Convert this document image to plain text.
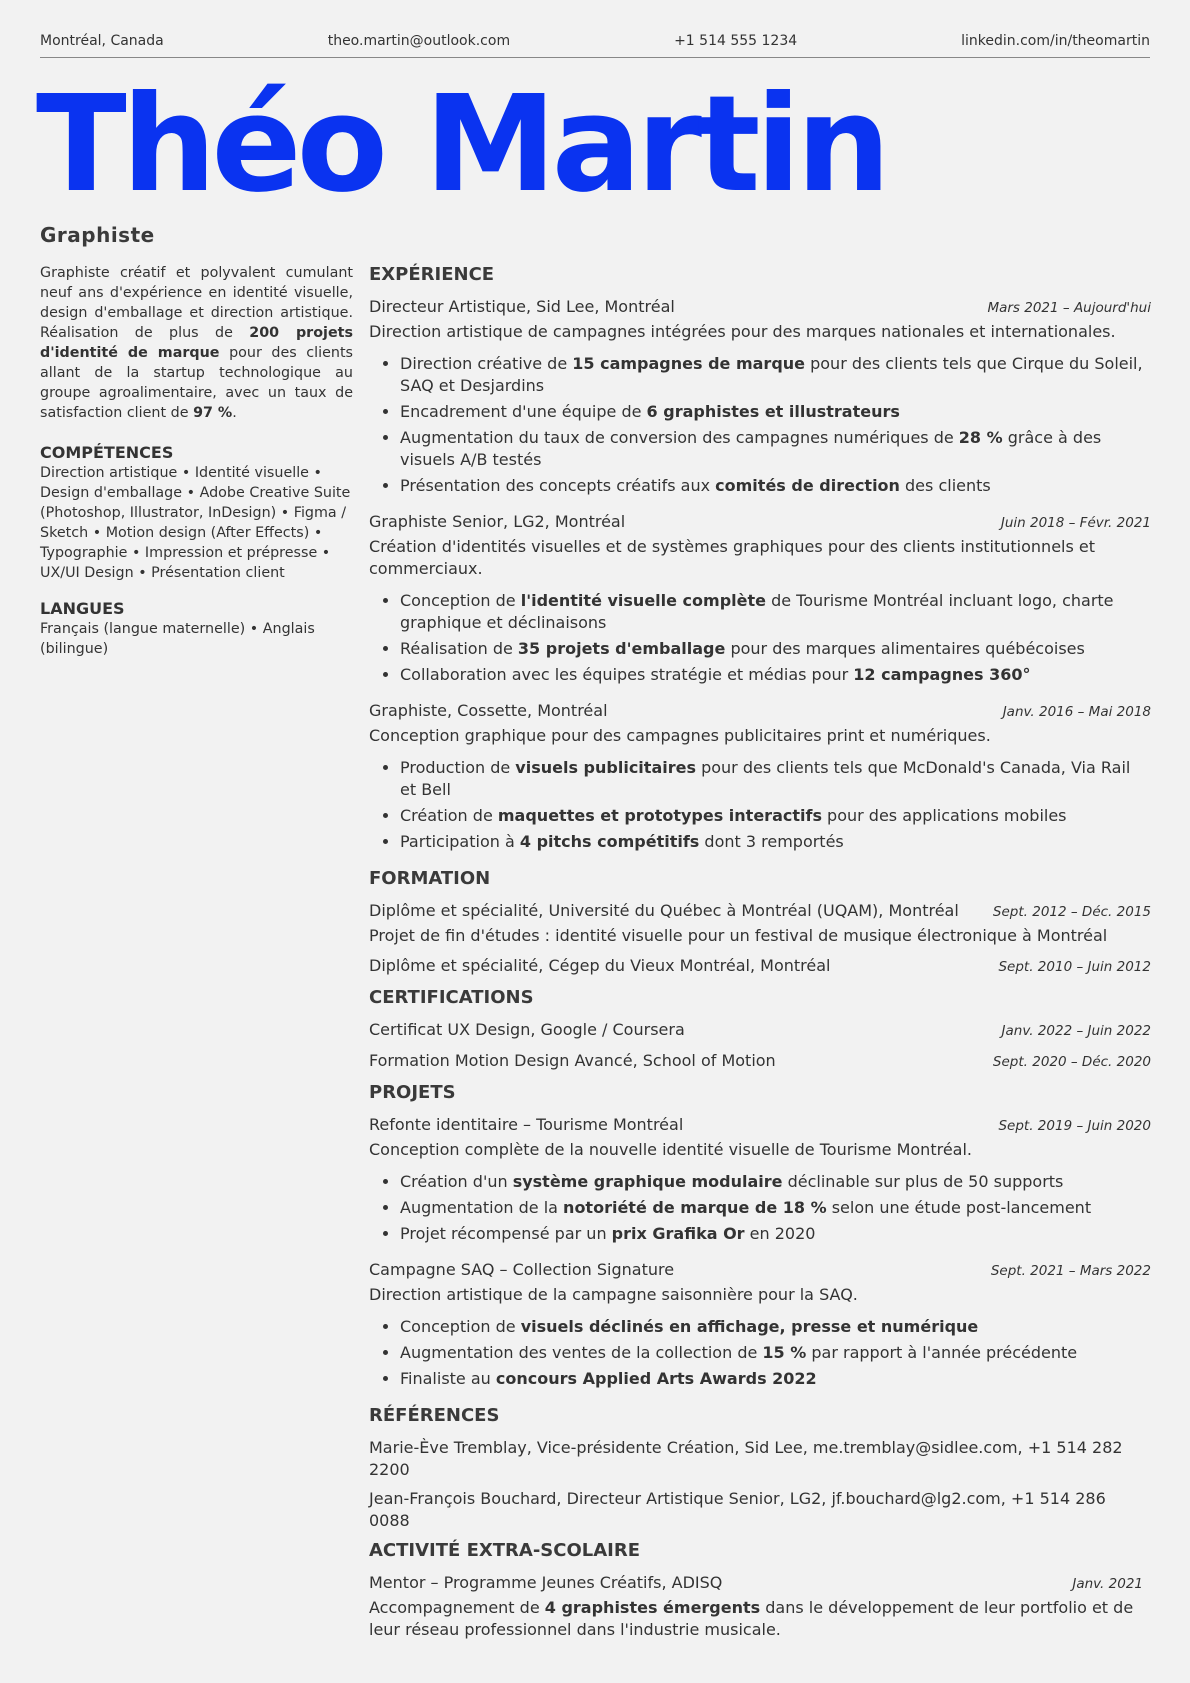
Montréal, Canada	theo.martin@outlook.com	+1 514 555 1234	linkedin.com/in/theomartin
Théo Martin
Graphiste

Graphiste créatif et polyvalent cumulant neuf ans d'expérience en identité visuelle, design d'emballage et direction artistique. Réalisation de plus de 200 projets d'identité de marque pour des clients allant de la startup technologique au groupe agroalimentaire, avec un taux de satisfaction client de 97 %.

COMPÉTENCES

Direction artistique • Identité visuelle • Design d'emballage • Adobe Creative Suite (Photoshop, Illustrator, InDesign) • Figma / Sketch • Motion design (After Effects) • Typographie • Impression et prépresse • UX/UI Design • Présentation client

LANGUES

Français (langue maternelle) • Anglais (bilingue)

EXPÉRIENCE
Directeur Artistique, Sid Lee, Montréal	Mars 2021 – Aujourd'hui

Direction artistique de campagnes intégrées pour des marques nationales et internationales.

• Direction créative de 15 campagnes de marque pour des clients tels que Cirque du Soleil, SAQ et Desjardins
• Encadrement d'une équipe de 6 graphistes et illustrateurs
• Augmentation du taux de conversion des campagnes numériques de 28 % grâce à des visuels A/B testés
• Présentation des concepts créatifs aux comités de direction des clients
Graphiste Senior, LG2, Montréal	Juin 2018 – Févr. 2021

Création d'identités visuelles et de systèmes graphiques pour des clients institutionnels et commerciaux.

• Conception de l'identité visuelle complète de Tourisme Montréal incluant logo, charte graphique et déclinaisons
• Réalisation de 35 projets d'emballage pour des marques alimentaires québécoises
• Collaboration avec les équipes stratégie et médias pour 12 campagnes 360°
Graphiste, Cossette, Montréal	Janv. 2016 – Mai 2018

Conception graphique pour des campagnes publicitaires print et numériques.

• Production de visuels publicitaires pour des clients tels que McDonald's Canada, Via Rail et Bell
• Création de maquettes et prototypes interactifs pour des applications mobiles
• Participation à 4 pitchs compétitifs dont 3 remportés
FORMATION
Diplôme et spécialité, Université du Québec à Montréal (UQAM), Montréal	Sept. 2012 – Déc. 2015

Projet de fin d'études : identité visuelle pour un festival de musique électronique à Montréal

Diplôme et spécialité, Cégep du Vieux Montréal, Montréal	Sept. 2010 – Juin 2012
CERTIFICATIONS
Certificat UX Design, Google / Coursera	Janv. 2022 – Juin 2022
Formation Motion Design Avancé, School of Motion	Sept. 2020 – Déc. 2020
PROJETS
Refonte identitaire – Tourisme Montréal	Sept. 2019 – Juin 2020

Conception complète de la nouvelle identité visuelle de Tourisme Montréal.

• Création d'un système graphique modulaire déclinable sur plus de 50 supports
• Augmentation de la notoriété de marque de 18 % selon une étude post-lancement
• Projet récompensé par un prix Grafika Or en 2020
Campagne SAQ – Collection Signature	Sept. 2021 – Mars 2022

Direction artistique de la campagne saisonnière pour la SAQ.

• Conception de visuels déclinés en affichage, presse et numérique
• Augmentation des ventes de la collection de 15 % par rapport à l'année précédente
• Finaliste au concours Applied Arts Awards 2022
RÉFÉRENCES

Marie-Ève Tremblay, Vice-présidente Création, Sid Lee, me.tremblay@sidlee.com, +1 514 282 2200

Jean-François Bouchard, Directeur Artistique Senior, LG2, jf.bouchard@lg2.com, +1 514 286 0088

ACTIVITÉ EXTRA-SCOLAIRE
Mentor – Programme Jeunes Créatifs, ADISQ	Janv. 2021

Accompagnement de 4 graphistes émergents dans le développement de leur portfolio et de leur réseau professionnel dans l'industrie musicale.
